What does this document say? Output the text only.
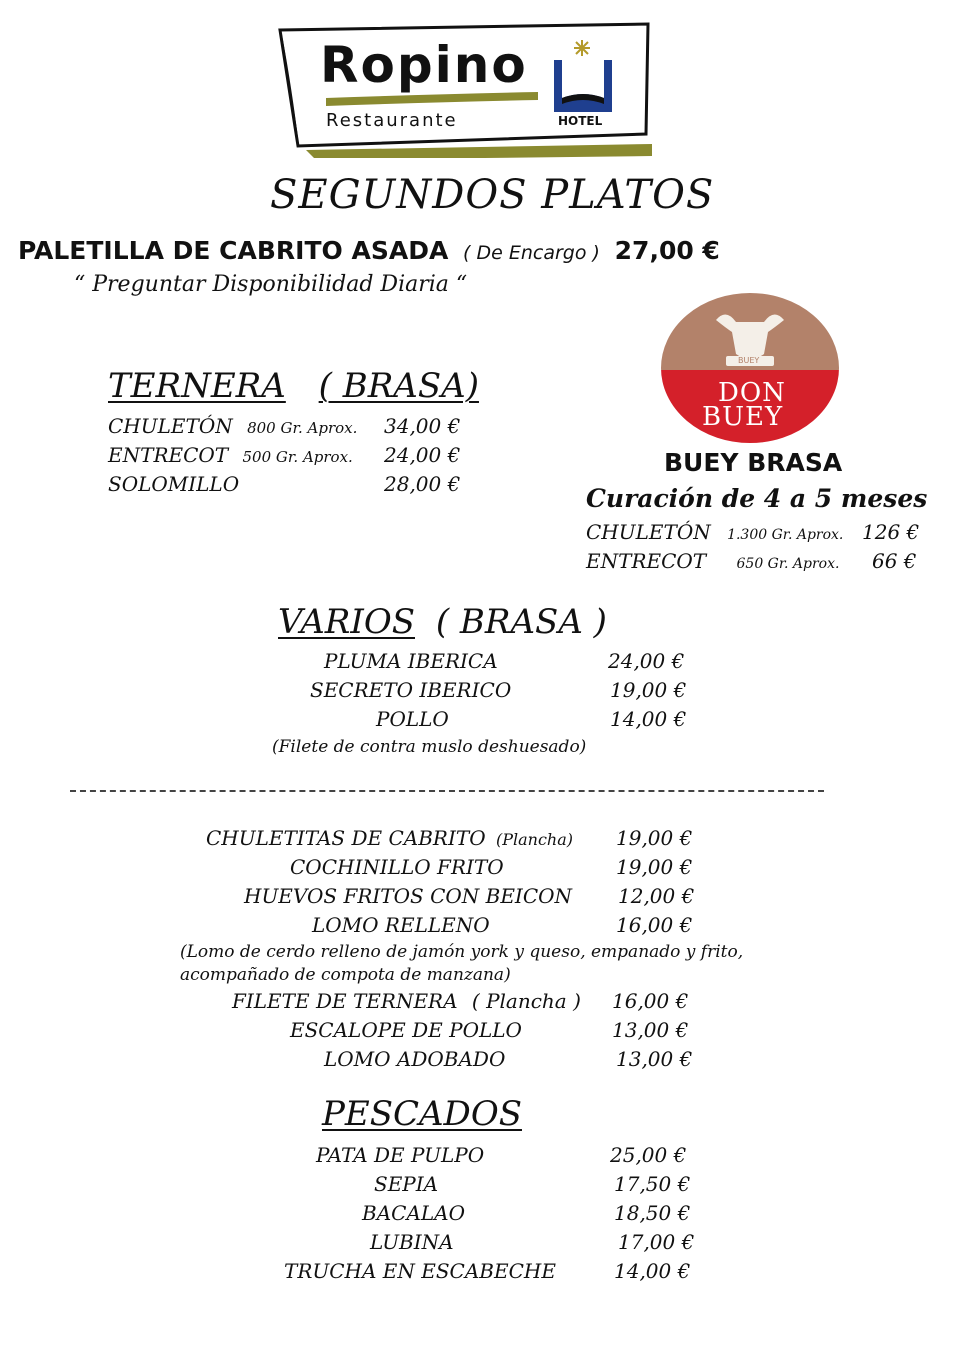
Ropino
Restaurante	HOTEL
SEGUNDOS PLATOS
PALETILLA DE CABRITO ASADA ( De Encargo ) 27,00 €
“ Preguntar Disponibilidad Diaria “
TERNERA ( BRASA)
CHULETÓN 800 Gr. Aprox. 34,00 €
ENTRECOT 500 Gr. Aprox. 24,00 €
SOLOMILLO	28,00 €
BUEY
DON
BUEY
BUEY BRASA
Curación de 4 a 5 meses
CHULETÓN 1.300 Gr. Aprox. 126 €
ENTRECOT 650 Gr. Aprox. 66 €
VARIOS ( BRASA )
PLUMA IBERICA	24,00 €
SECRETO IBERICO	19,00 €
POLLO	14,00 €
(Filete de contra muslo deshuesado)
CHULETITAS DE CABRITO (Plancha) 19,00 €
COCHINILLO FRITO	19,00 €
HUEVOS FRITOS CON BEICON 12,00 €
LOMO RELLENO	16,00 €
(Lomo de cerdo relleno de jamón york y queso, empanado y frito,
acompañado de compota de manzana)
FILETE DE TERNERA ( Plancha ) 16,00 €
ESCALOPE DE POLLO	13,00 €
LOMO ADOBADO	13,00 €
PESCADOS
PATA DE PULPO	25,00 €
SEPIA	17,50 €
BACALAO	18,50 €
LUBINA	17,00 €
TRUCHA EN ESCABECHE	14,00 €
